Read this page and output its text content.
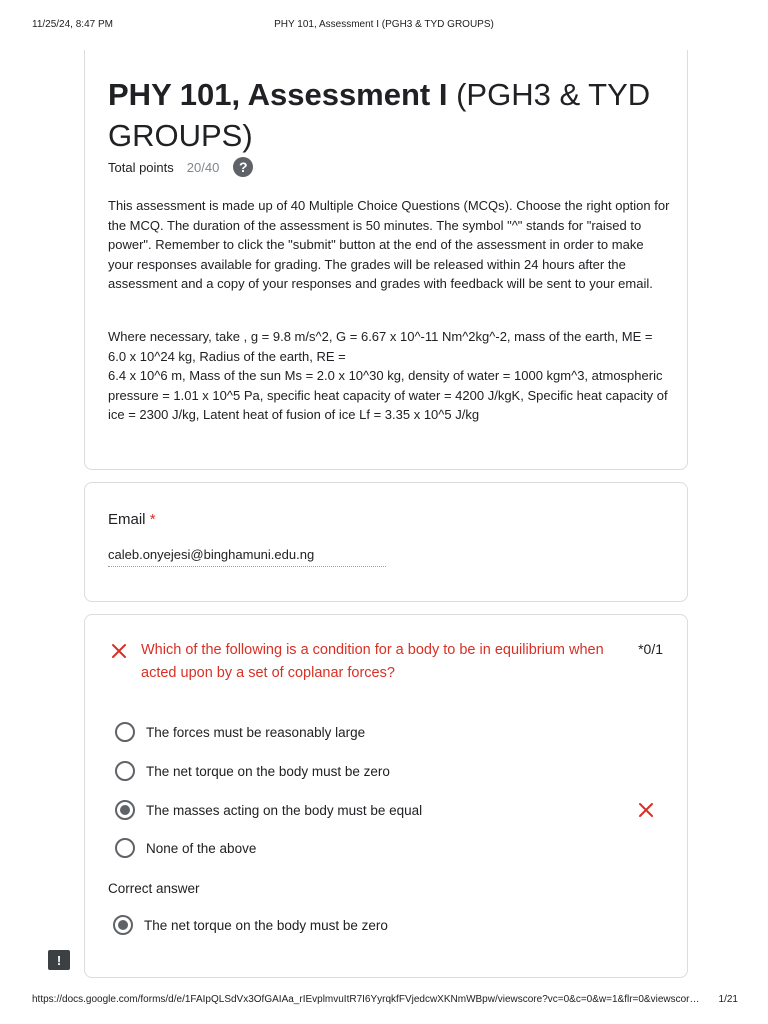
11/25/24, 8:47 PM	PHY 101, Assessment I (PGH3 & TYD GROUPS)
PHY 101, Assessment I (PGH3 & TYD GROUPS)
Total points 20/40	?
This assessment is made up of 40 Multiple Choice Questions (MCQs). Choose the right option for the MCQ. The duration of the assessment is 50 minutes. The symbol "^" stands for "raised to power". Remember to click the "submit" button at the end of the assessment in order to make your responses available for grading. The grades will be released within 24 hours after the assessment and a copy of your responses and grades with feedback will be sent to your email.
Where necessary, take , g = 9.8 m/s^2, G = 6.67 x 10^-11 Nm^2kg^-2, mass of the earth, ME =
6.0 x 10^24 kg, Radius of the earth, RE =
6.4 x 10^6 m, Mass of the sun Ms = 2.0 x 10^30 kg, density of water = 1000 kgm^3, atmospheric pressure = 1.01 x 10^5 Pa, specific heat capacity of water = 4200 J/kgK, Specific heat capacity of ice = 2300 J/kg, Latent heat of fusion of ice Lf = 3.35 x 10^5 J/kg
Email *
caleb.onyejesi@binghamuni.edu.ng
Which of the following is a condition for a body to be in equilibrium when acted upon by a set of coplanar forces?
*0/1
The forces must be reasonably large
The net torque on the body must be zero
The masses acting on the body must be equal
None of the above
Correct answer
The net torque on the body must be zero
!
https://docs.google.com/forms/d/e/1FAIpQLSdVx3OfGAIAa_rIEvplmvuItR7I6YyrqkfFVjedcwXKNmWBpw/viewscore?vc=0&c=0&w=1&flr=0&viewscor… 1/21
